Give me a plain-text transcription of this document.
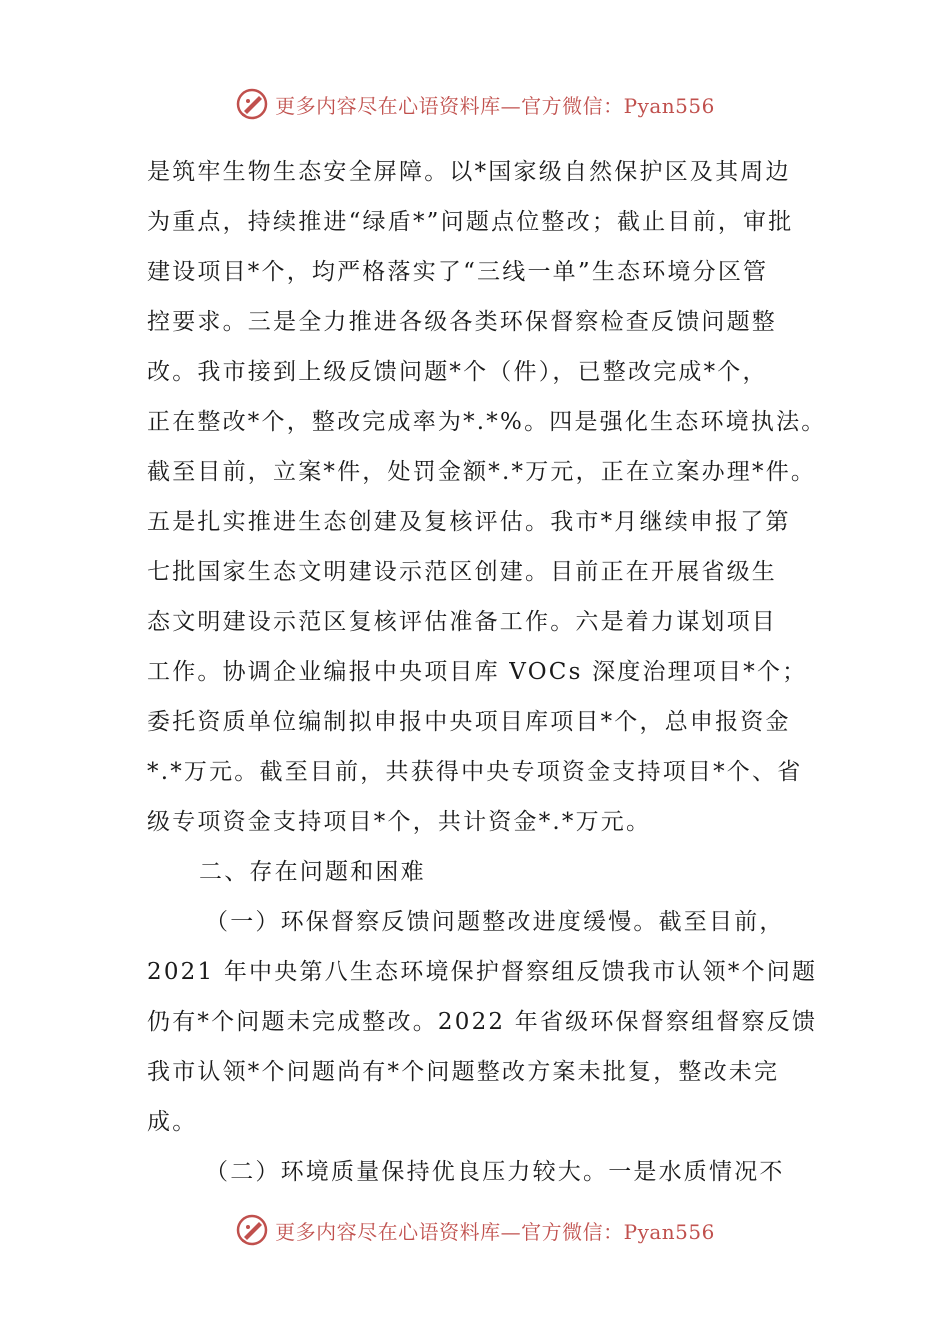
更多内容尽在心语资料库—官方微信：Pyan556
是筑牢生物生态安全屏障。以*国家级自然保护区及其周边
为重点，持续推进“绿盾*”问题点位整改；截止目前，审批
建设项目*个，均严格落实了“三线一单”生态环境分区管
控要求。三是全力推进各级各类环保督察检查反馈问题整
改。我市接到上级反馈问题*个（件），已整改完成*个，
正在整改*个，整改完成率为*.*%。四是强化生态环境执法。
截至目前，立案*件，处罚金额*.*万元，正在立案办理*件。
五是扎实推进生态创建及复核评估。我市*月继续申报了第
七批国家生态文明建设示范区创建。目前正在开展省级生
态文明建设示范区复核评估准备工作。六是着力谋划项目
工作。协调企业编报中央项目库 VOCs 深度治理项目*个；
委托资质单位编制拟申报中央项目库项目*个，总申报资金
*.*万元。截至目前，共获得中央专项资金支持项目*个、省
级专项资金支持项目*个，共计资金*.*万元。
二、存在问题和困难
（一）环保督察反馈问题整改进度缓慢。截至目前，
2021 年中央第八生态环境保护督察组反馈我市认领*个问题
仍有*个问题未完成整改。2022 年省级环保督察组督察反馈
我市认领*个问题尚有*个问题整改方案未批复，整改未完
成。
（二）环境质量保持优良压力较大。一是水质情况不
更多内容尽在心语资料库—官方微信：Pyan556
